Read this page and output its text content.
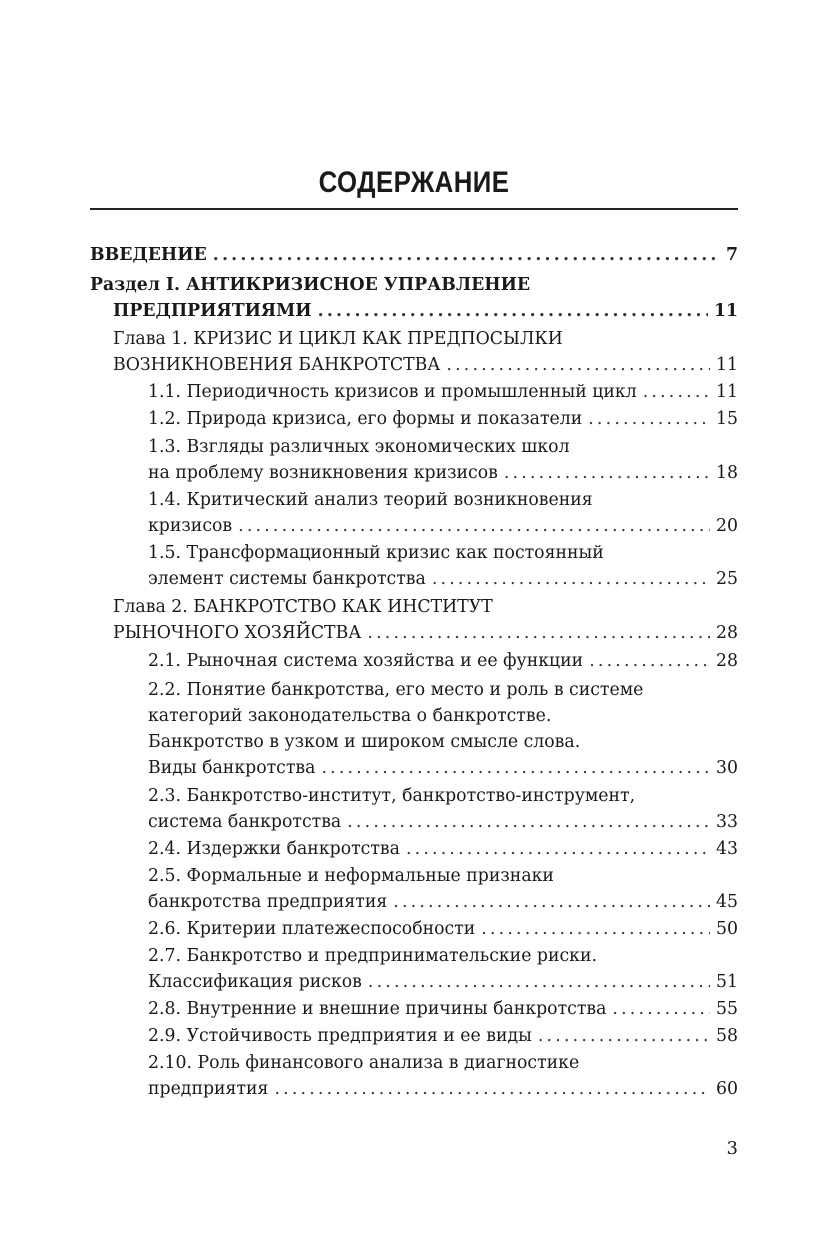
СОДЕРЖАНИЕ
ВВЕДЕНИЕ .....	7
Раздел I. АНТИКРИЗИСНОЕ УПРАВЛЕНИЕ
ПРЕДПРИЯТИЯМИ .....	11
Глава 1. КРИЗИС И ЦИКЛ КАК ПРЕДПОСЫЛКИ
ВОЗНИКНОВЕНИЯ БАНКРОТСТВА .....	11
1.1. Периодичность кризисов и промышленный цикл .....	11
1.2. Природа кризиса, его формы и показатели .....	15
1.3. Взгляды различных экономических школ
на проблему возникновения кризисов .....	18
1.4. Критический анализ теорий возникновения
кризисов .....	20
1.5. Трансформационный кризис как постоянный
элемент системы банкротства .....	25
Глава 2. БАНКРОТСТВО КАК ИНСТИТУТ
РЫНОЧНОГО ХОЗЯЙСТВА .....	28
2.1. Рыночная система хозяйства и ее функции .....	28
2.2. Понятие банкротства, его место и роль в системе
категорий законодательства о банкротстве.
Банкротство в узком и широком смысле слова.
Виды банкротства .....	30
2.3. Банкротство-институт, банкротство-инструмент,
система банкротства .....	33
2.4. Издержки банкротства .....	43
2.5. Формальные и неформальные признаки
банкротства предприятия .....	45
2.6. Критерии платежеспособности .....	50
2.7. Банкротство и предпринимательские риски.
Классификация рисков .....	51
2.8. Внутренние и внешние причины банкротства .....	55
2.9. Устойчивость предприятия и ее виды .....	58
2.10. Роль финансового анализа в диагностике
предприятия .....	60
3
